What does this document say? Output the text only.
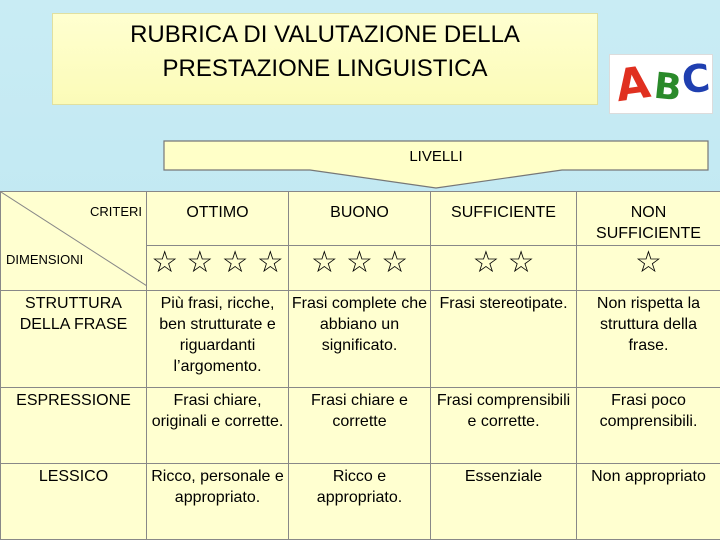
RUBRICA DI VALUTAZIONE DELLA
PRESTAZIONE LINGUISTICA	A
B
C
LIVELLI
CRITERI
DIMENSIONI	OTTIMO	BUONO	SUFFICIENTE	NON SUFFICIENTE
	☆ ☆ ☆ ☆	☆ ☆ ☆	☆ ☆	☆
STRUTTURA DELLA FRASE	Più frasi, ricche, ben strutturate e riguardanti l’argomento.	Frasi complete che abbiano un significato.	Frasi stereotipate.	Non rispetta la struttura della frase.
ESPRESSIONE	Frasi chiare, originali e corrette.	Frasi chiare e corrette	Frasi comprensibili e corrette.	Frasi poco comprensibili.
LESSICO	Ricco, personale e appropriato.	Ricco e appropriato.	Essenziale	Non appropriato
